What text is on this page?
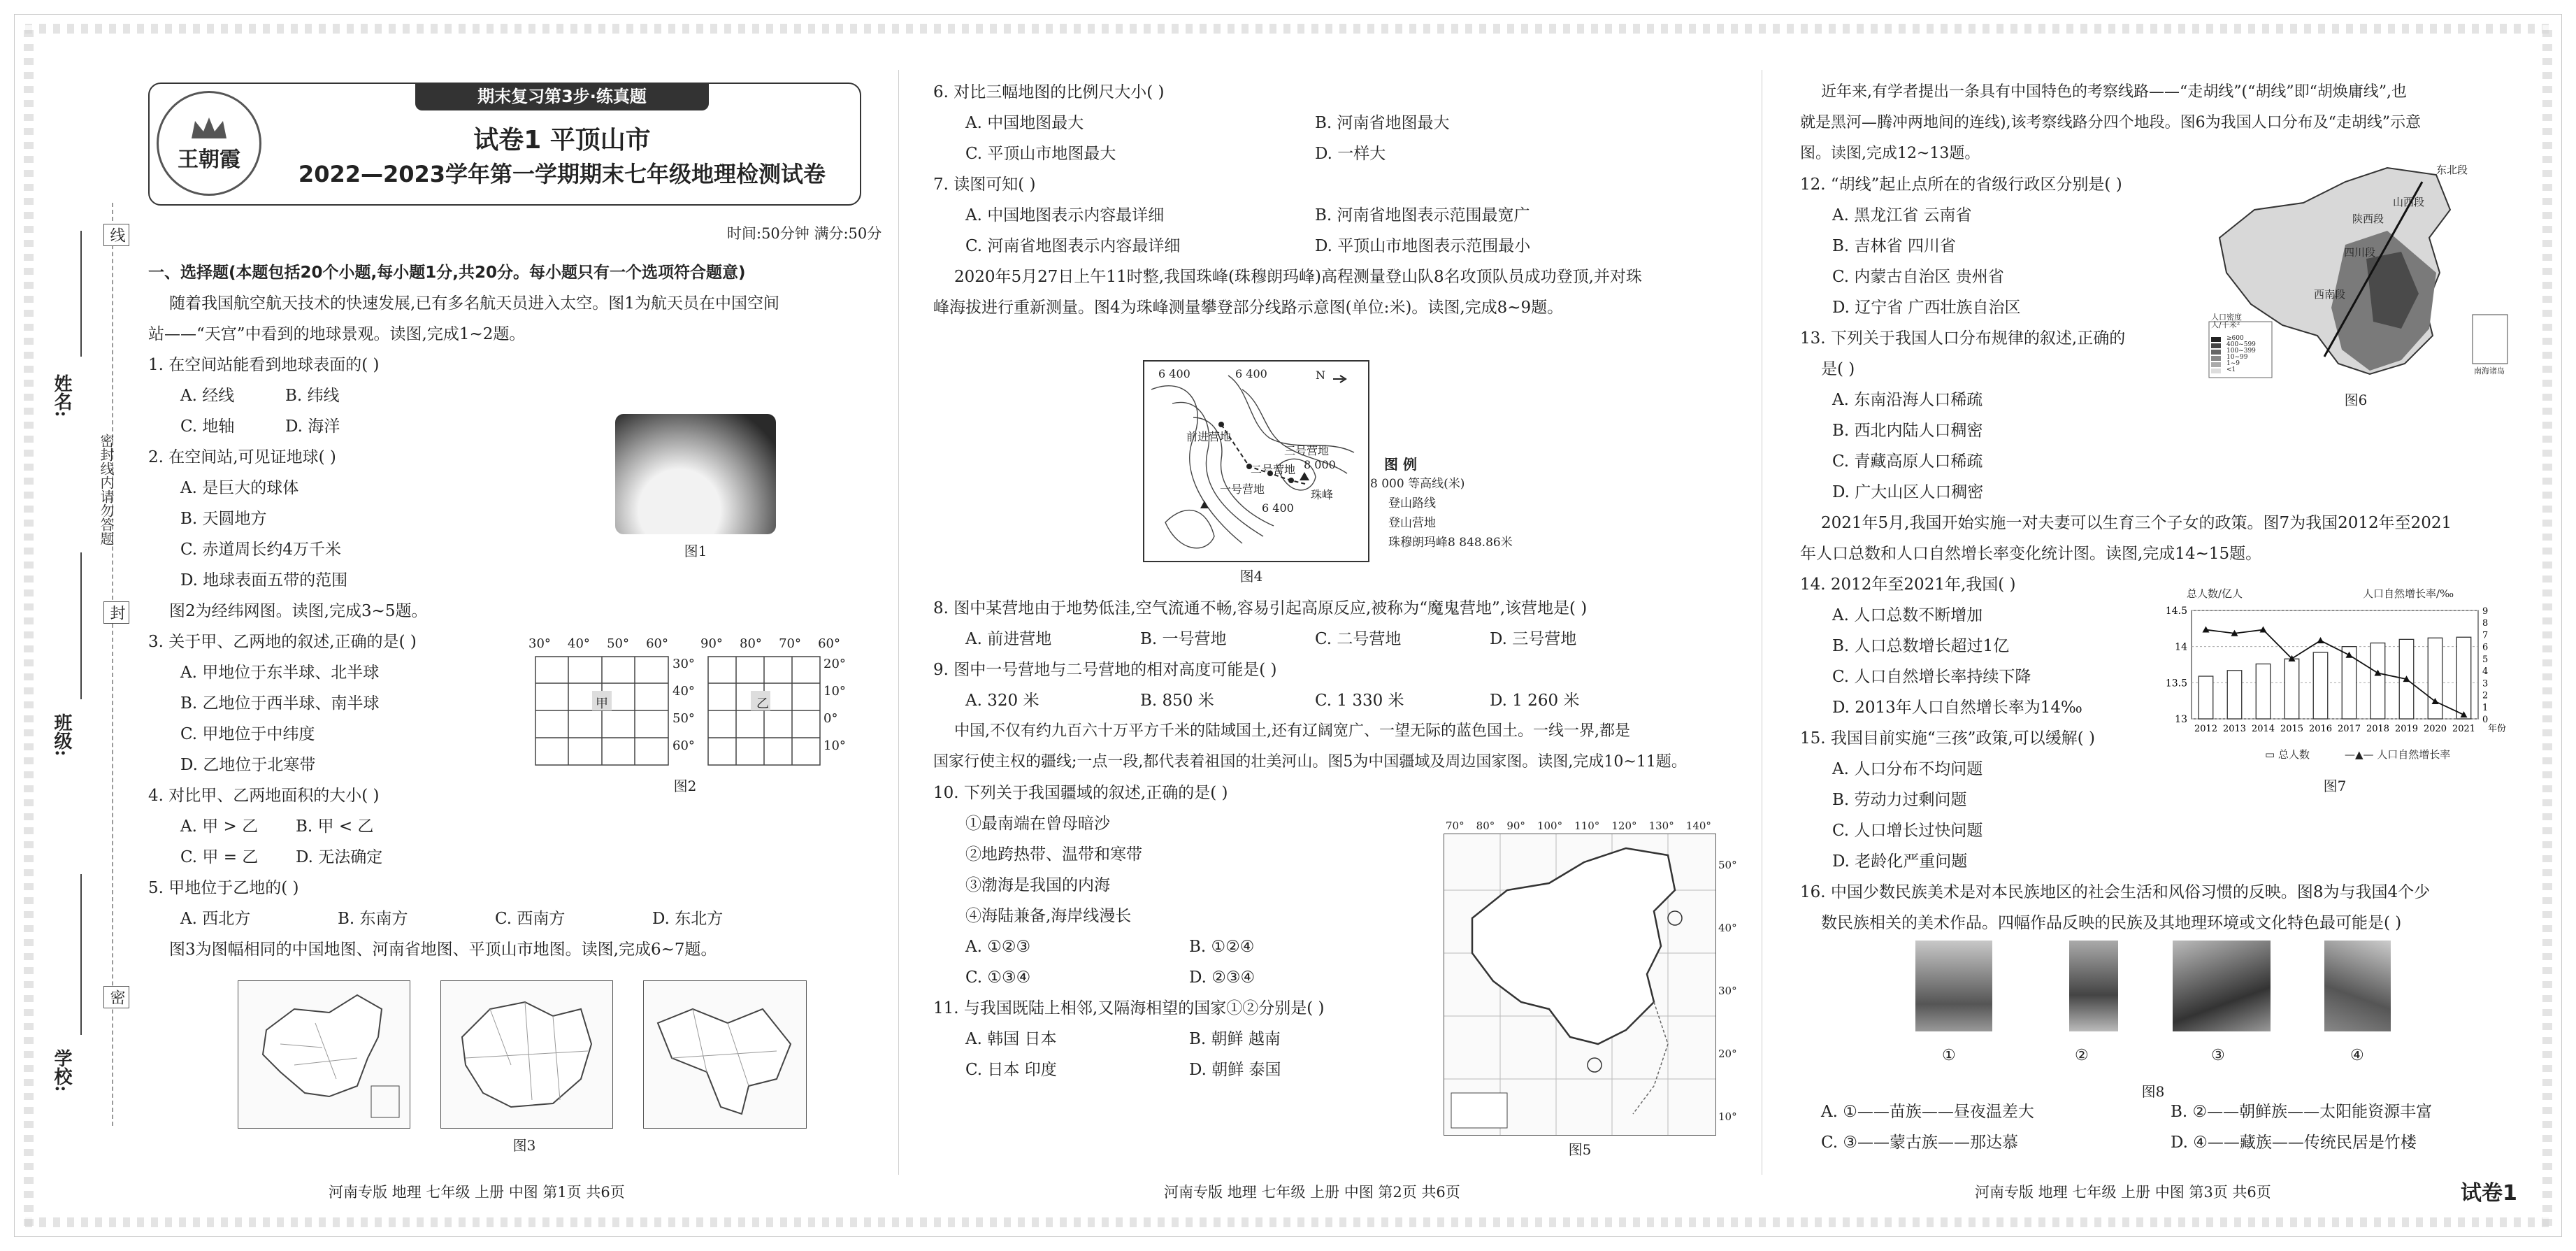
姓名:
班级:
学校:
线
封
密
密封线内请勿答题
王朝霞
期末复习第3步·练真题
试卷1 平顶山市
2022—2023学年第一学期期末七年级地理检测试卷
时间:50分钟 满分:50分

一、选择题(本题包括20个小题,每小题1分,共20分。每小题只有一个选项符合题意)

随着我国航空航天技术的快速发展,已有多名航天员进入太空。图1为航天员在中国空间

站——“天宫”中看到的地球景观。读图,完成1~2题。

1. 在空间站能看到地球表面的( )

A. 经线	B. 纬线

C. 地轴	D. 海洋

2. 在空间站,可见证地球( )

A. 是巨大的球体

B. 天圆地方

C. 赤道周长约4万千米

D. 地球表面五带的范围

图2为经纬网图。读图,完成3~5题。

3. 关于甲、乙两地的叙述,正确的是( )

A. 甲地位于东半球、北半球

B. 乙地位于西半球、南半球

C. 甲地位于中纬度

D. 乙地位于北寒带

4. 对比甲、乙两地面积的大小( )

A. 甲 > 乙	B. 甲 < 乙

C. 甲 = 乙	D. 无法确定

5. 甲地位于乙地的( )

A. 西北方	B. 东南方	C. 西南方	D. 东北方

图3为图幅相同的中国地图、河南省地图、平顶山市地图。读图,完成6~7题。

图1
30° 40° 50° 60°
甲
30°
40°
50°
60°
90° 80° 70° 60°
乙
20°
10°
0°
10°
图2
图3
河南专版 地理 七年级 上册 中图 第1页 共6页

6. 对比三幅地图的比例尺大小( )

A. 中国地图最大	B. 河南省地图最大

C. 平顶山市地图最大	D. 一样大

7. 读图可知( )

A. 中国地图表示内容最详细	B. 河南省地图表示范围最宽广

C. 河南省地图表示内容最详细	D. 平顶山市地图表示范围最小

2020年5月27日上午11时整,我国珠峰(珠穆朗玛峰)高程测量登山队8名攻顶队员成功登顶,并对珠

峰海拔进行重新测量。图4为珠峰测量攀登部分线路示意图(单位:米)。读图,完成8~9题。

6 400	6 400	N
前进营地
一号营地
二号营地
三号营地
8 000
珠峰
6 400
图 例
8 000 等高线(米)
登山路线
登山营地
珠穆朗玛峰8 848.86米
图4

8. 图中某营地由于地势低洼,空气流通不畅,容易引起高原反应,被称为“魔鬼营地”,该营地是( )

A. 前进营地	B. 一号营地	C. 二号营地	D. 三号营地

9. 图中一号营地与二号营地的相对高度可能是( )

A. 320 米	B. 850 米	C. 1 330 米	D. 1 260 米

中国,不仅有约九百六十万平方千米的陆域国土,还有辽阔宽广、一望无际的蓝色国土。一线一界,都是

国家行使主权的疆线;一点一段,都代表着祖国的壮美河山。图5为中国疆域及周边国家图。读图,完成10~11题。

10. 下列关于我国疆域的叙述,正确的是( )

①最南端在曾母暗沙

②地跨热带、温带和寒带

③渤海是我国的内海

④海陆兼备,海岸线漫长

A. ①②③	B. ①②④

C. ①③④	D. ②③④

11. 与我国既陆上相邻,又隔海相望的国家①②分别是( )

A. 韩国 日本	B. 朝鲜 越南

C. 日本 印度	D. 朝鲜 泰国

70° 80° 90° 100° 110° 120° 130° 140°
50°
40°
30°
20°
10°
图5
河南专版 地理 七年级 上册 中图 第2页 共6页

近年来,有学者提出一条具有中国特色的考察线路——“走胡线”(“胡线”即“胡焕庸线”,也

就是黑河—腾冲两地间的连线),该考察线路分四个地段。图6为我国人口分布及“走胡线”示意

图。读图,完成12~13题。

12. “胡线”起止点所在的省级行政区分别是( )

A. 黑龙江省 云南省

B. 吉林省 四川省

C. 内蒙古自治区 贵州省

D. 辽宁省 广西壮族自治区

13. 下列关于我国人口分布规律的叙述,正确的

是( )

A. 东南沿海人口稀疏

B. 西北内陆人口稠密

C. 青藏高原人口稀疏

D. 广大山区人口稠密

2021年5月,我国开始实施一对夫妻可以生育三个子女的政策。图7为我国2012年至2021

年人口总数和人口自然增长率变化统计图。读图,完成14~15题。

14. 2012年至2021年,我国( )

A. 人口总数不断增加

B. 人口总数增长超过1亿

C. 人口自然增长率持续下降

D. 2013年人口自然增长率为14‰

15. 我国目前实施“三孩”政策,可以缓解( )

A. 人口分布不均问题

B. 劳动力过剩问题

C. 人口增长过快问题

D. 老龄化严重问题

16. 中国少数民族美术是对本民族地区的社会生活和风俗习惯的反映。图8为与我国4个少

数民族相关的美术作品。四幅作品反映的民族及其地理环境或文化特色最可能是( )

东北段
山西段
陕西段
四川段
西南段
人口密度
人/千米²
≥600
400~599
100~399
10~99
1~9
<1	南海诸岛
图6
总人数/亿人	人口自然增长率/‰
14.5
14
13.5
13
9
8
7
6
5
4
3
2
1
0
2012 2013 2014 2015 2016 2017 2018 2019 2020 2021 年份
▭ 总人数	—▲— 人口自然增长率
图7
①	②	③	④
图8

A. ①——苗族——昼夜温差大	B. ②——朝鲜族——太阳能资源丰富

C. ③——蒙古族——那达慕	D. ④——藏族——传统民居是竹楼

河南专版 地理 七年级 上册 中图 第3页 共6页	试卷1
